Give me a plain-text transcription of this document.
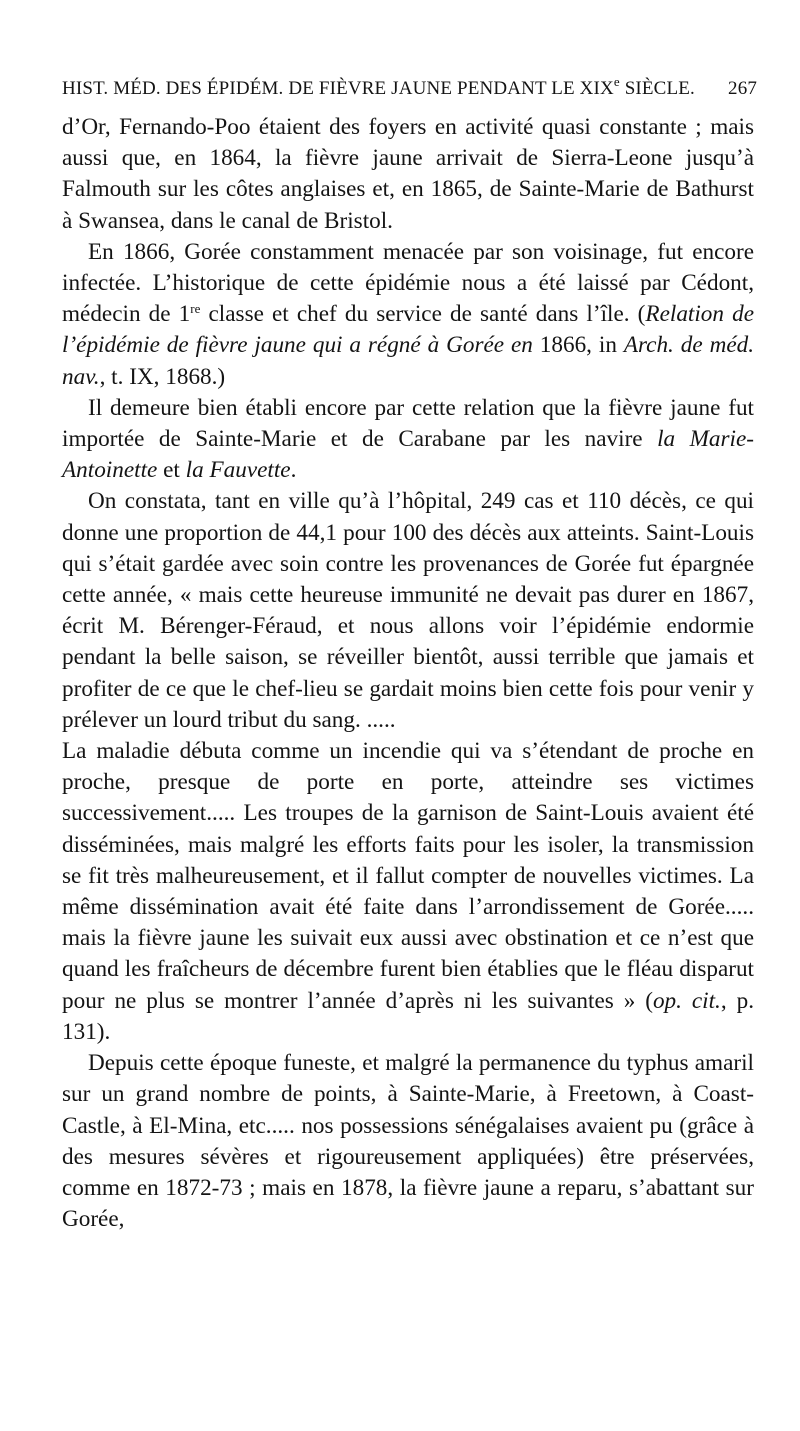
HIST. MÉD. DES ÉPIDÉM. DE FIÈVRE JAUNE PENDANT LE XIXe SIÈCLE. 267

d’Or, Fernando-Poo étaient des foyers en activité quasi constante ; mais aussi que, en 1864, la fièvre jaune arrivait de Sierra-Leone jusqu’à Falmouth sur les côtes anglaises et, en 1865, de Sainte-Marie de Bathurst à Swansea, dans le canal de Bristol.

En 1866, Gorée constamment menacée par son voisinage, fut encore infectée. L’historique de cette épidémie nous a été laissé par Cédont, médecin de 1re classe et chef du service de santé dans l’île. (Relation de l’épidémie de fièvre jaune qui a régné à Gorée en 1866, in Arch. de méd. nav., t. IX, 1868.)

Il demeure bien établi encore par cette relation que la fièvre jaune fut importée de Sainte-Marie et de Carabane par les navire la Marie-Antoinette et la Fauvette.

On constata, tant en ville qu’à l’hôpital, 249 cas et 110 décès, ce qui donne une proportion de 44,1 pour 100 des décès aux atteints. Saint-Louis qui s’était gardée avec soin contre les provenances de Gorée fut épargnée cette année, « mais cette heureuse immunité ne devait pas durer en 1867, écrit M. Bérenger-Féraud, et nous allons voir l’épidémie endormie pendant la belle saison, se réveiller bientôt, aussi terrible que jamais et profiter de ce que le chef-lieu se gardait moins bien cette fois pour venir y prélever un lourd tribut du sang. .....

La maladie débuta comme un incendie qui va s’étendant de proche en proche, presque de porte en porte, atteindre ses victimes successivement..... Les troupes de la garnison de Saint-Louis avaient été disséminées, mais malgré les efforts faits pour les isoler, la transmission se fit très malheureusement, et il fallut compter de nouvelles victimes. La même dissémination avait été faite dans l’arrondissement de Gorée..... mais la fièvre jaune les suivait eux aussi avec obstination et ce n’est que quand les fraîcheurs de décembre furent bien établies que le fléau disparut pour ne plus se montrer l’année d’après ni les suivantes » (op. cit., p. 131).

Depuis cette époque funeste, et malgré la permanence du typhus amaril sur un grand nombre de points, à Sainte-Marie, à Freetown, à Coast-Castle, à El-Mina, etc..... nos possessions sénégalaises avaient pu (grâce à des mesures sévères et rigoureusement appliquées) être préservées, comme en 1872-73 ; mais en 1878, la fièvre jaune a reparu, s’abattant sur Gorée,
